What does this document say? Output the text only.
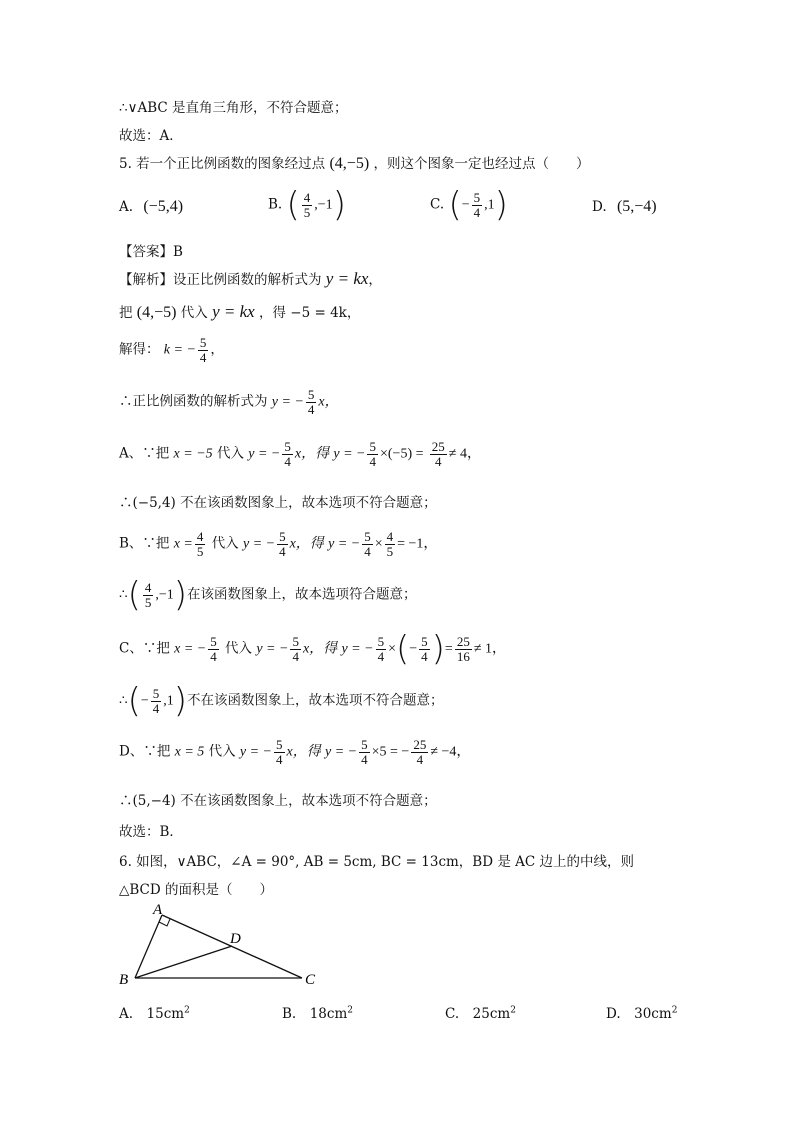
∴∨ABC 是直角三角形，不符合题意；
故选：A．
5. 若一个正比例函数的图象经过点 (4,−5) ，则这个图象一定也经过点（　　）
A. (−5,4)	B. ( $\frac{4}{5} ,-1$)	C. (− $\frac{5}{4} ,1$)	D. (5,−4)
【答案】B
【解析】设正比例函数的解析式为 y = kx，
把 (4,−5) 代入 y = kx ，得 −5 = 4k，
解得： k = − $\frac{5}{4}$ ，
∴正比例函数的解析式为 y = − $\frac{5}{4}$ x，
A、∵把 x = −5 代入 y = − $\frac{5}{4}$ x，得 y = − $\frac{5}{4} \times(-5) = \frac{25}{4} \ne 4$，
∴(−5,4) 不在该函数图象上，故本选项不符合题意；
B、∵把 $x = \frac{4}{5}$ 代入 y = − $\frac{5}{4}$ x，得 y = − $\frac{5}{4} \times \frac{4}{5} = -1$，
∴( $\frac{4}{5} ,-1$)在该函数图象上，故本选项符合题意；
C、∵把 x = − $\frac{5}{4}$ 代入 y = − $\frac{5}{4}$ x，得 y = − $\frac{5}{4}$ ×(− $\frac{5}{4}$ )= $\frac{25}{16} \ne 1$，
∴(− $\frac{5}{4} ,1$)不在该函数图象上，故本选项不符合题意；
D、∵把 x = 5 代入 y = − $\frac{5}{4}$ x，得 y = − $\frac{5}{4} \times 5$ = − $\frac{25}{4} \ne -4$，
∴(5,−4) 不在该函数图象上，故本选项不符合题意；
故选：B．
6. 如图，∨ABC，∠A = 90°, AB = 5cm, BC = 13cm，BD 是 AC 边上的中线，则
△BCD 的面积是（　　）
A
B	C
D
A.　$15cm^2$	B.　$18cm^2$	C.　$25cm^2$	D.　$30cm^2$
